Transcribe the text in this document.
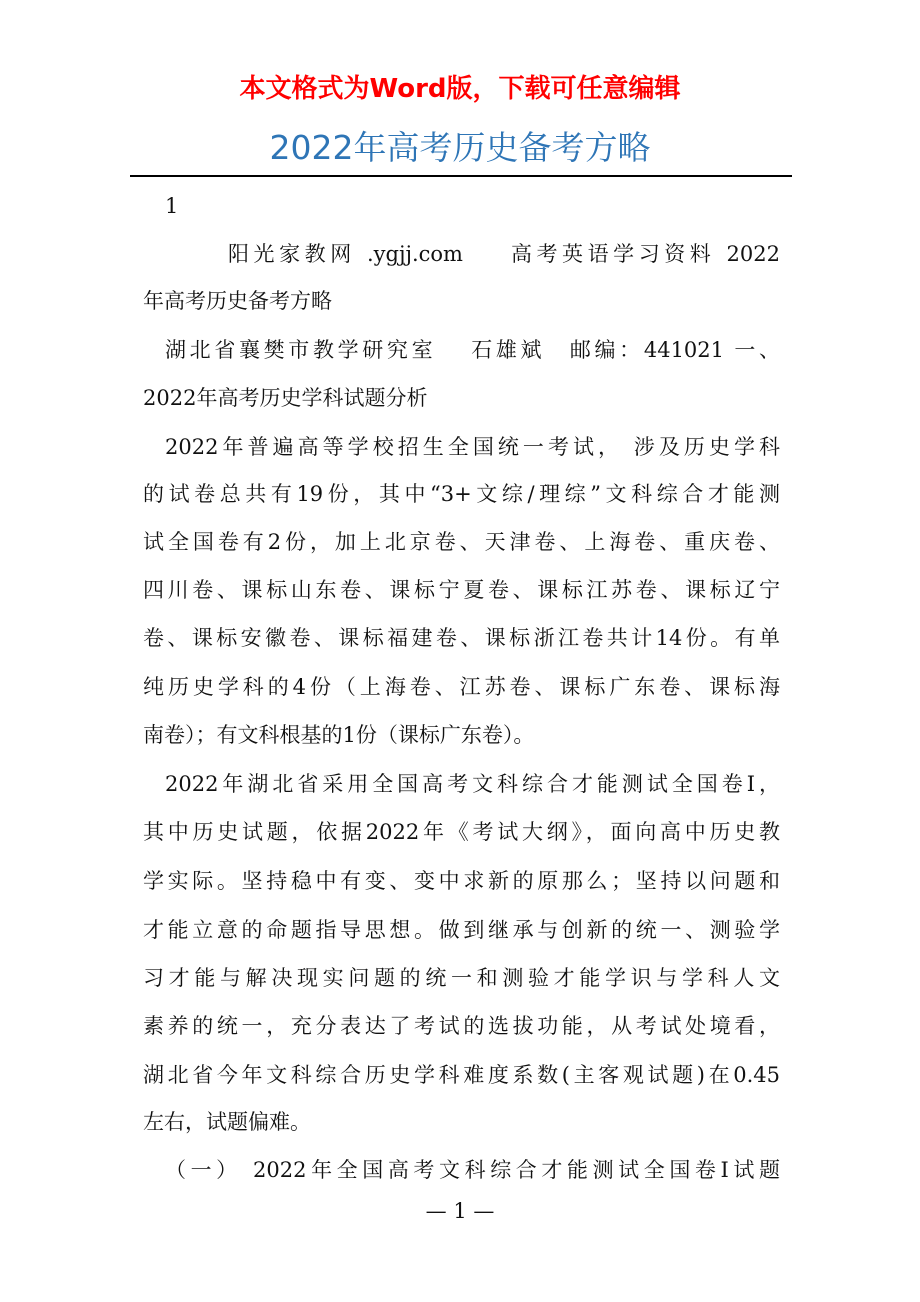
本文格式为Word版，下载可任意编辑
2022年高考历史备考方略
1
阳光家教网 .ygjj.com 　 高考英语学习资料 2022
年高考历史备考方略
湖北省襄樊市教学研究室 　石雄斌　邮编：441021 一、
2022年高考历史学科试题分析
2022年普遍高等学校招生全国统一考试， 涉及历史学科
的试卷总共有19份，其中“3+文综/理综”文科综合才能测
试全国卷有2份，加上北京卷、天津卷、上海卷、重庆卷、
四川卷、课标山东卷、课标宁夏卷、课标江苏卷、课标辽宁
卷、课标安徽卷、课标福建卷、课标浙江卷共计14份。有单
纯历史学科的4份（上海卷、江苏卷、课标广东卷、课标海
南卷）；有文科根基的1份（课标广东卷）。
2022年湖北省采用全国高考文科综合才能测试全国卷Ⅰ，
其中历史试题，依据2022年《考试大纲》，面向高中历史教
学实际。坚持稳中有变、变中求新的原那么；坚持以问题和
才能立意的命题指导思想。做到继承与创新的统一、测验学
习才能与解决现实问题的统一和测验才能学识与学科人文
素养的统一，充分表达了考试的选拔功能，从考试处境看，
湖北省今年文科综合历史学科难度系数(主客观试题)在0.45
左右，试题偏难。
（一） 2022年全国高考文科综合才能测试全国卷Ⅰ试题
— 1 —
